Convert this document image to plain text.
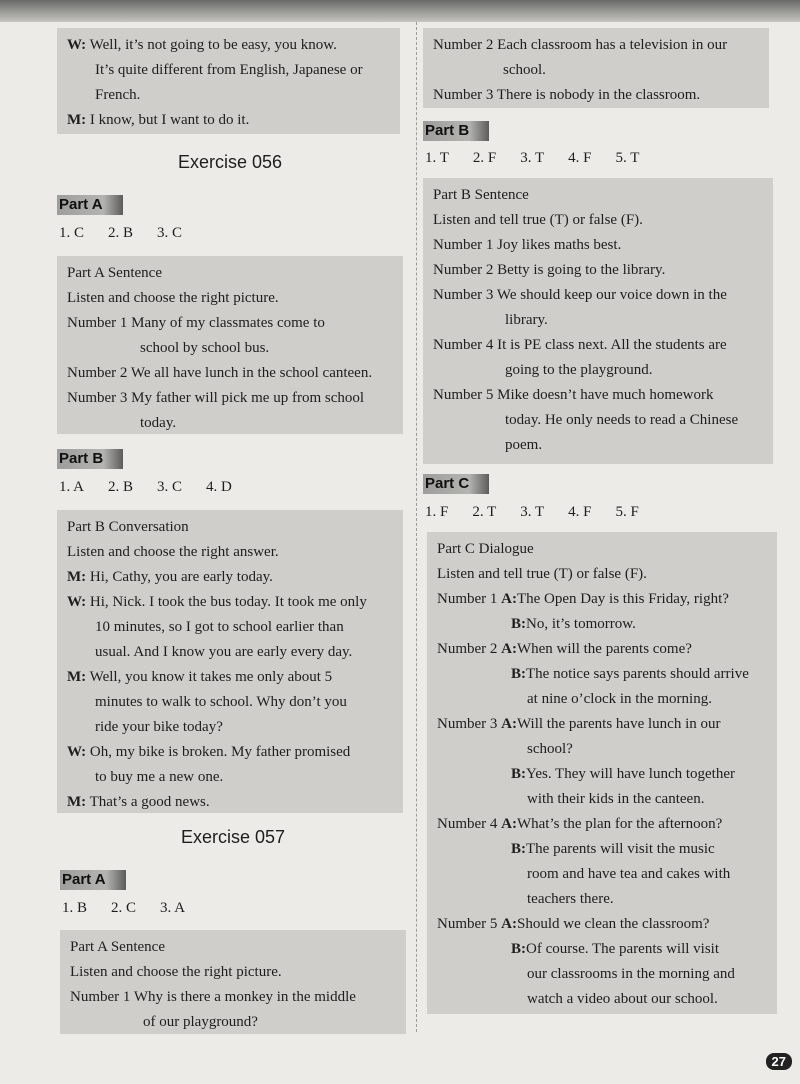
W: Well, it’s not going to be easy, you know.
It’s quite different from English, Japanese or
French.
M: I know, but I want to do it.
Exercise 056
Part A
1. C 2. B 3. C
Part A Sentence
Listen and choose the right picture.
Number 1 Many of my classmates come to
school by school bus.
Number 2 We all have lunch in the school canteen.
Number 3 My father will pick me up from school
today.
Part B
1. A 2. B 3. C 4. D
Part B Conversation
Listen and choose the right answer.
M: Hi, Cathy, you are early today.
W: Hi, Nick. I took the bus today. It took me only
10 minutes, so I got to school earlier than
usual. And I know you are early every day.
M: Well, you know it takes me only about 5
minutes to walk to school. Why don’t you
ride your bike today?
W: Oh, my bike is broken. My father promised
to buy me a new one.
M: That’s a good news.
Exercise 057
Part A
1. B 2. C 3. A
Part A Sentence
Listen and choose the right picture.
Number 1 Why is there a monkey in the middle
of our playground?
Number 2 Each classroom has a television in our
school.
Number 3 There is nobody in the classroom.
Part B
1. T 2. F 3. T 4. F 5. T
Part B Sentence
Listen and tell true (T) or false (F).
Number 1 Joy likes maths best.
Number 2 Betty is going to the library.
Number 3 We should keep our voice down in the
library.
Number 4 It is PE class next. All the students are
going to the playground.
Number 5 Mike doesn’t have much homework
today. He only needs to read a Chinese
poem.
Part C
1. F 2. T 3. T 4. F 5. F
Part C Dialogue
Listen and tell true (T) or false (F).
Number 1 A:The Open Day is this Friday, right?
B:No, it’s tomorrow.
Number 2 A:When will the parents come?
B:The notice says parents should arrive
at nine o’clock in the morning.
Number 3 A:Will the parents have lunch in our
school?
B:Yes. They will have lunch together
with their kids in the canteen.
Number 4 A:What’s the plan for the afternoon?
B:The parents will visit the music
room and have tea and cakes with
teachers there.
Number 5 A:Should we clean the classroom?
B:Of course. The parents will visit
our classrooms in the morning and
watch a video about our school.
27
